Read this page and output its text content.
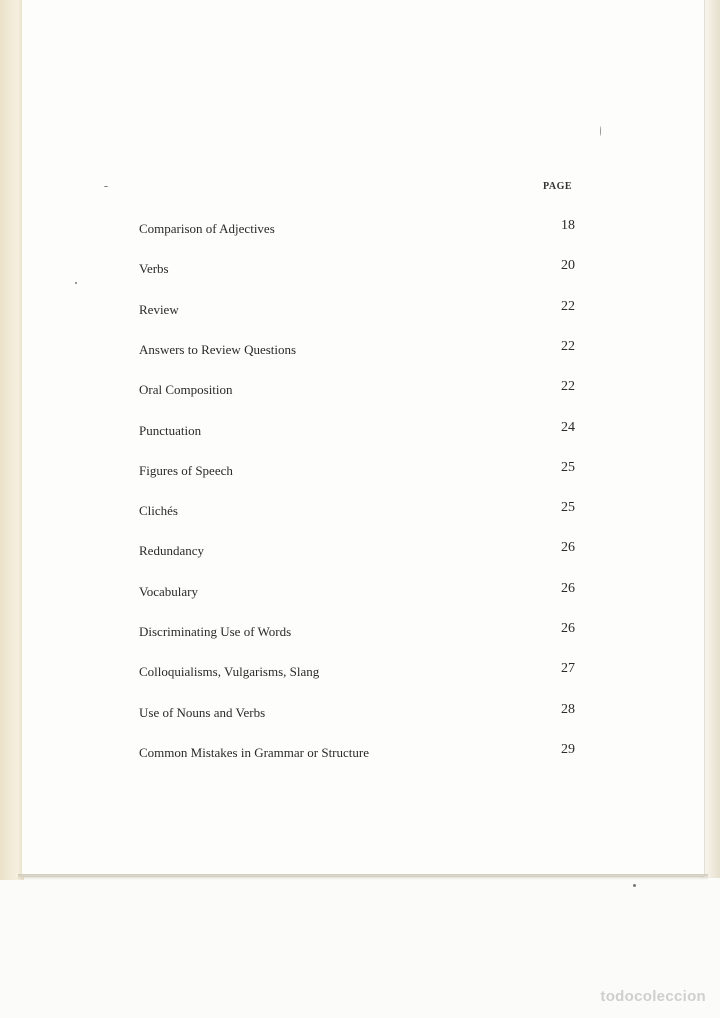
PAGE
Comparison of Adjectives	18
Verbs	20
Review	22
Answers to Review Questions	22
Oral Composition	22
Punctuation	24
Figures of Speech	25
Clichés	25
Redundancy	26
Vocabulary	26
Discriminating Use of Words	26
Colloquialisms, Vulgarisms, Slang	27
Use of Nouns and Verbs	28
Common Mistakes in Grammar or Structure	29
todocoleccion
